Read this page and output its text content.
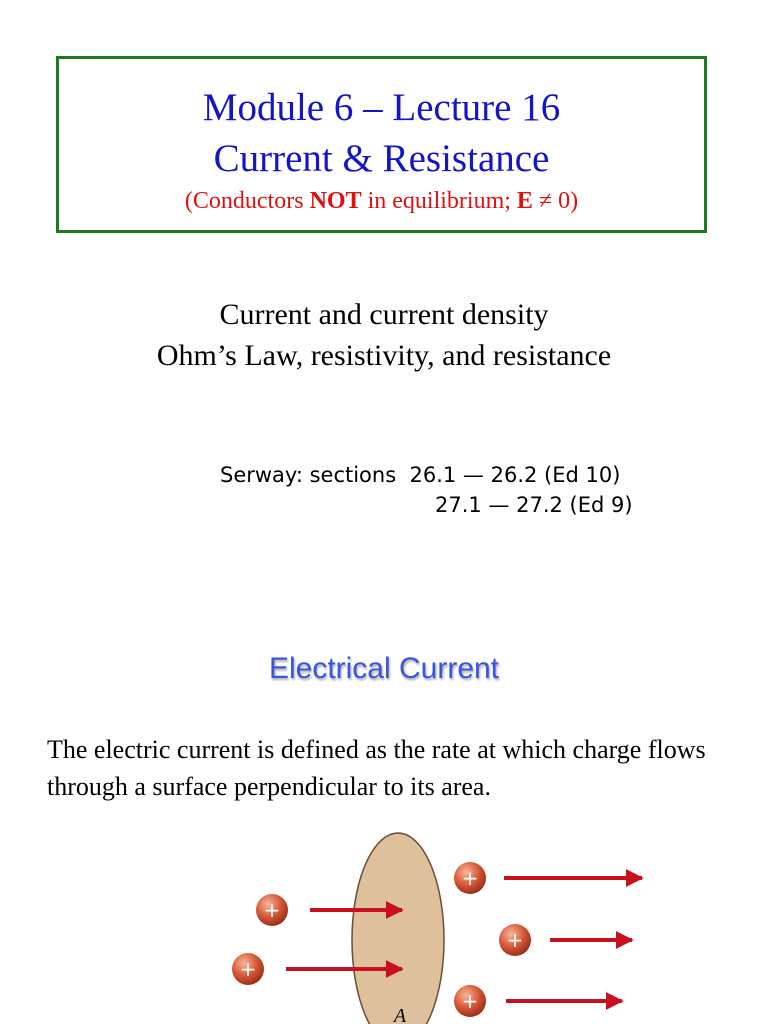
Module 6 – Lecture 16
Current & Resistance
(Conductors NOT in equilibrium; E ≠ 0)
Current and current density
Ohm’s Law, resistivity, and resistance
Serway: sections  26.1 — 26.2 (Ed 10)
27.1 — 27.2 (Ed 9)
Electrical Current
The electric current is defined as the rate at which charge flows through a surface perpendicular to its area.
+
+
+
+
+
A
